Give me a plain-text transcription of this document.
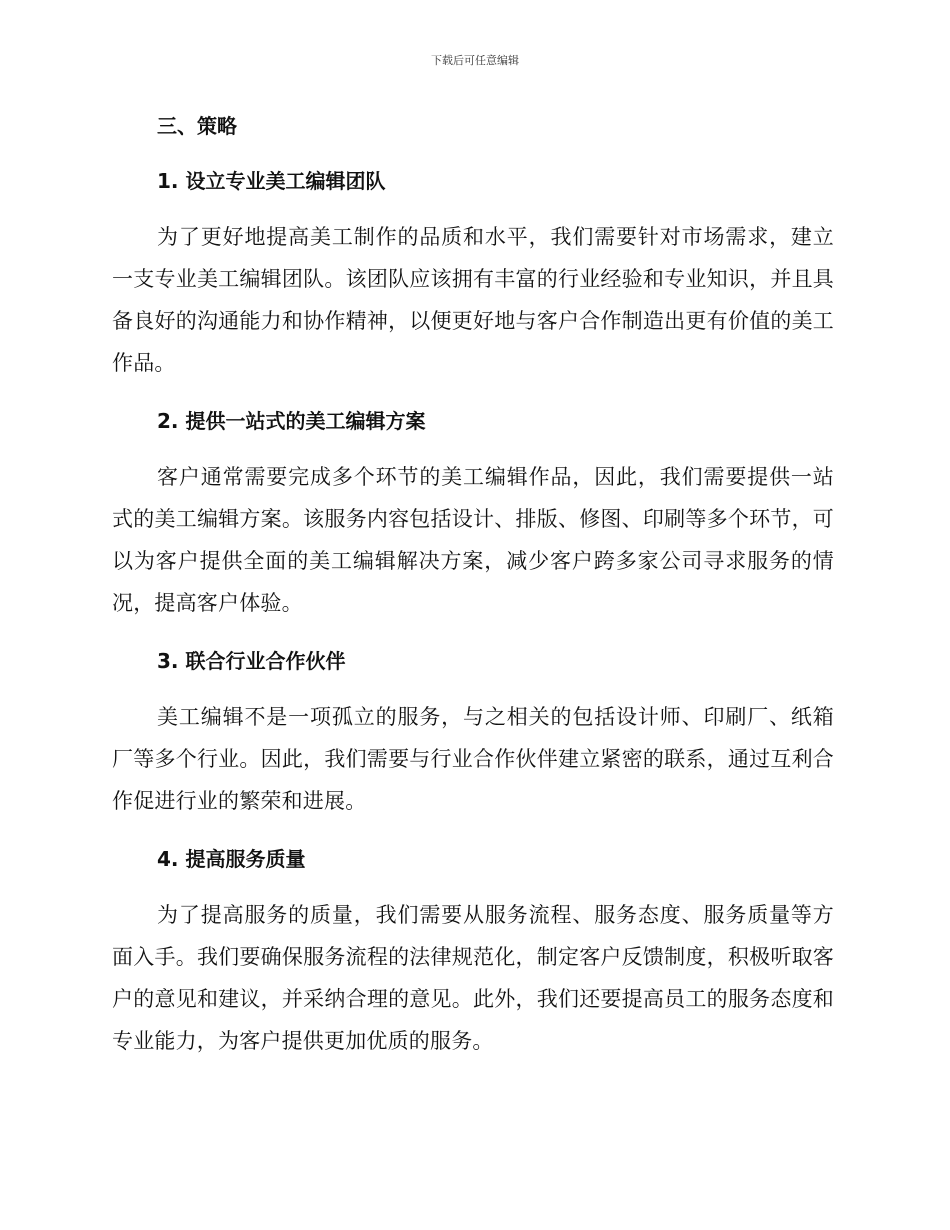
下载后可任意编辑
三、策略
1. 设立专业美工编辑团队

为了更好地提高美工制作的品质和水平，我们需要针对市场需求，建立一支专业美工编辑团队。该团队应该拥有丰富的行业经验和专业知识，并且具备良好的沟通能力和协作精神，以便更好地与客户合作制造出更有价值的美工作品。

2. 提供一站式的美工编辑方案

客户通常需要完成多个环节的美工编辑作品，因此，我们需要提供一站式的美工编辑方案。该服务内容包括设计、排版、修图、印刷等多个环节，可以为客户提供全面的美工编辑解决方案，减少客户跨多家公司寻求服务的情况，提高客户体验。

3. 联合行业合作伙伴

美工编辑不是一项孤立的服务，与之相关的包括设计师、印刷厂、纸箱厂等多个行业。因此，我们需要与行业合作伙伴建立紧密的联系，通过互利合作促进行业的繁荣和进展。

4. 提高服务质量

为了提高服务的质量，我们需要从服务流程、服务态度、服务质量等方面入手。我们要确保服务流程的法律规范化，制定客户反馈制度，积极听取客户的意见和建议，并采纳合理的意见。此外，我们还要提高员工的服务态度和专业能力，为客户提供更加优质的服务。
